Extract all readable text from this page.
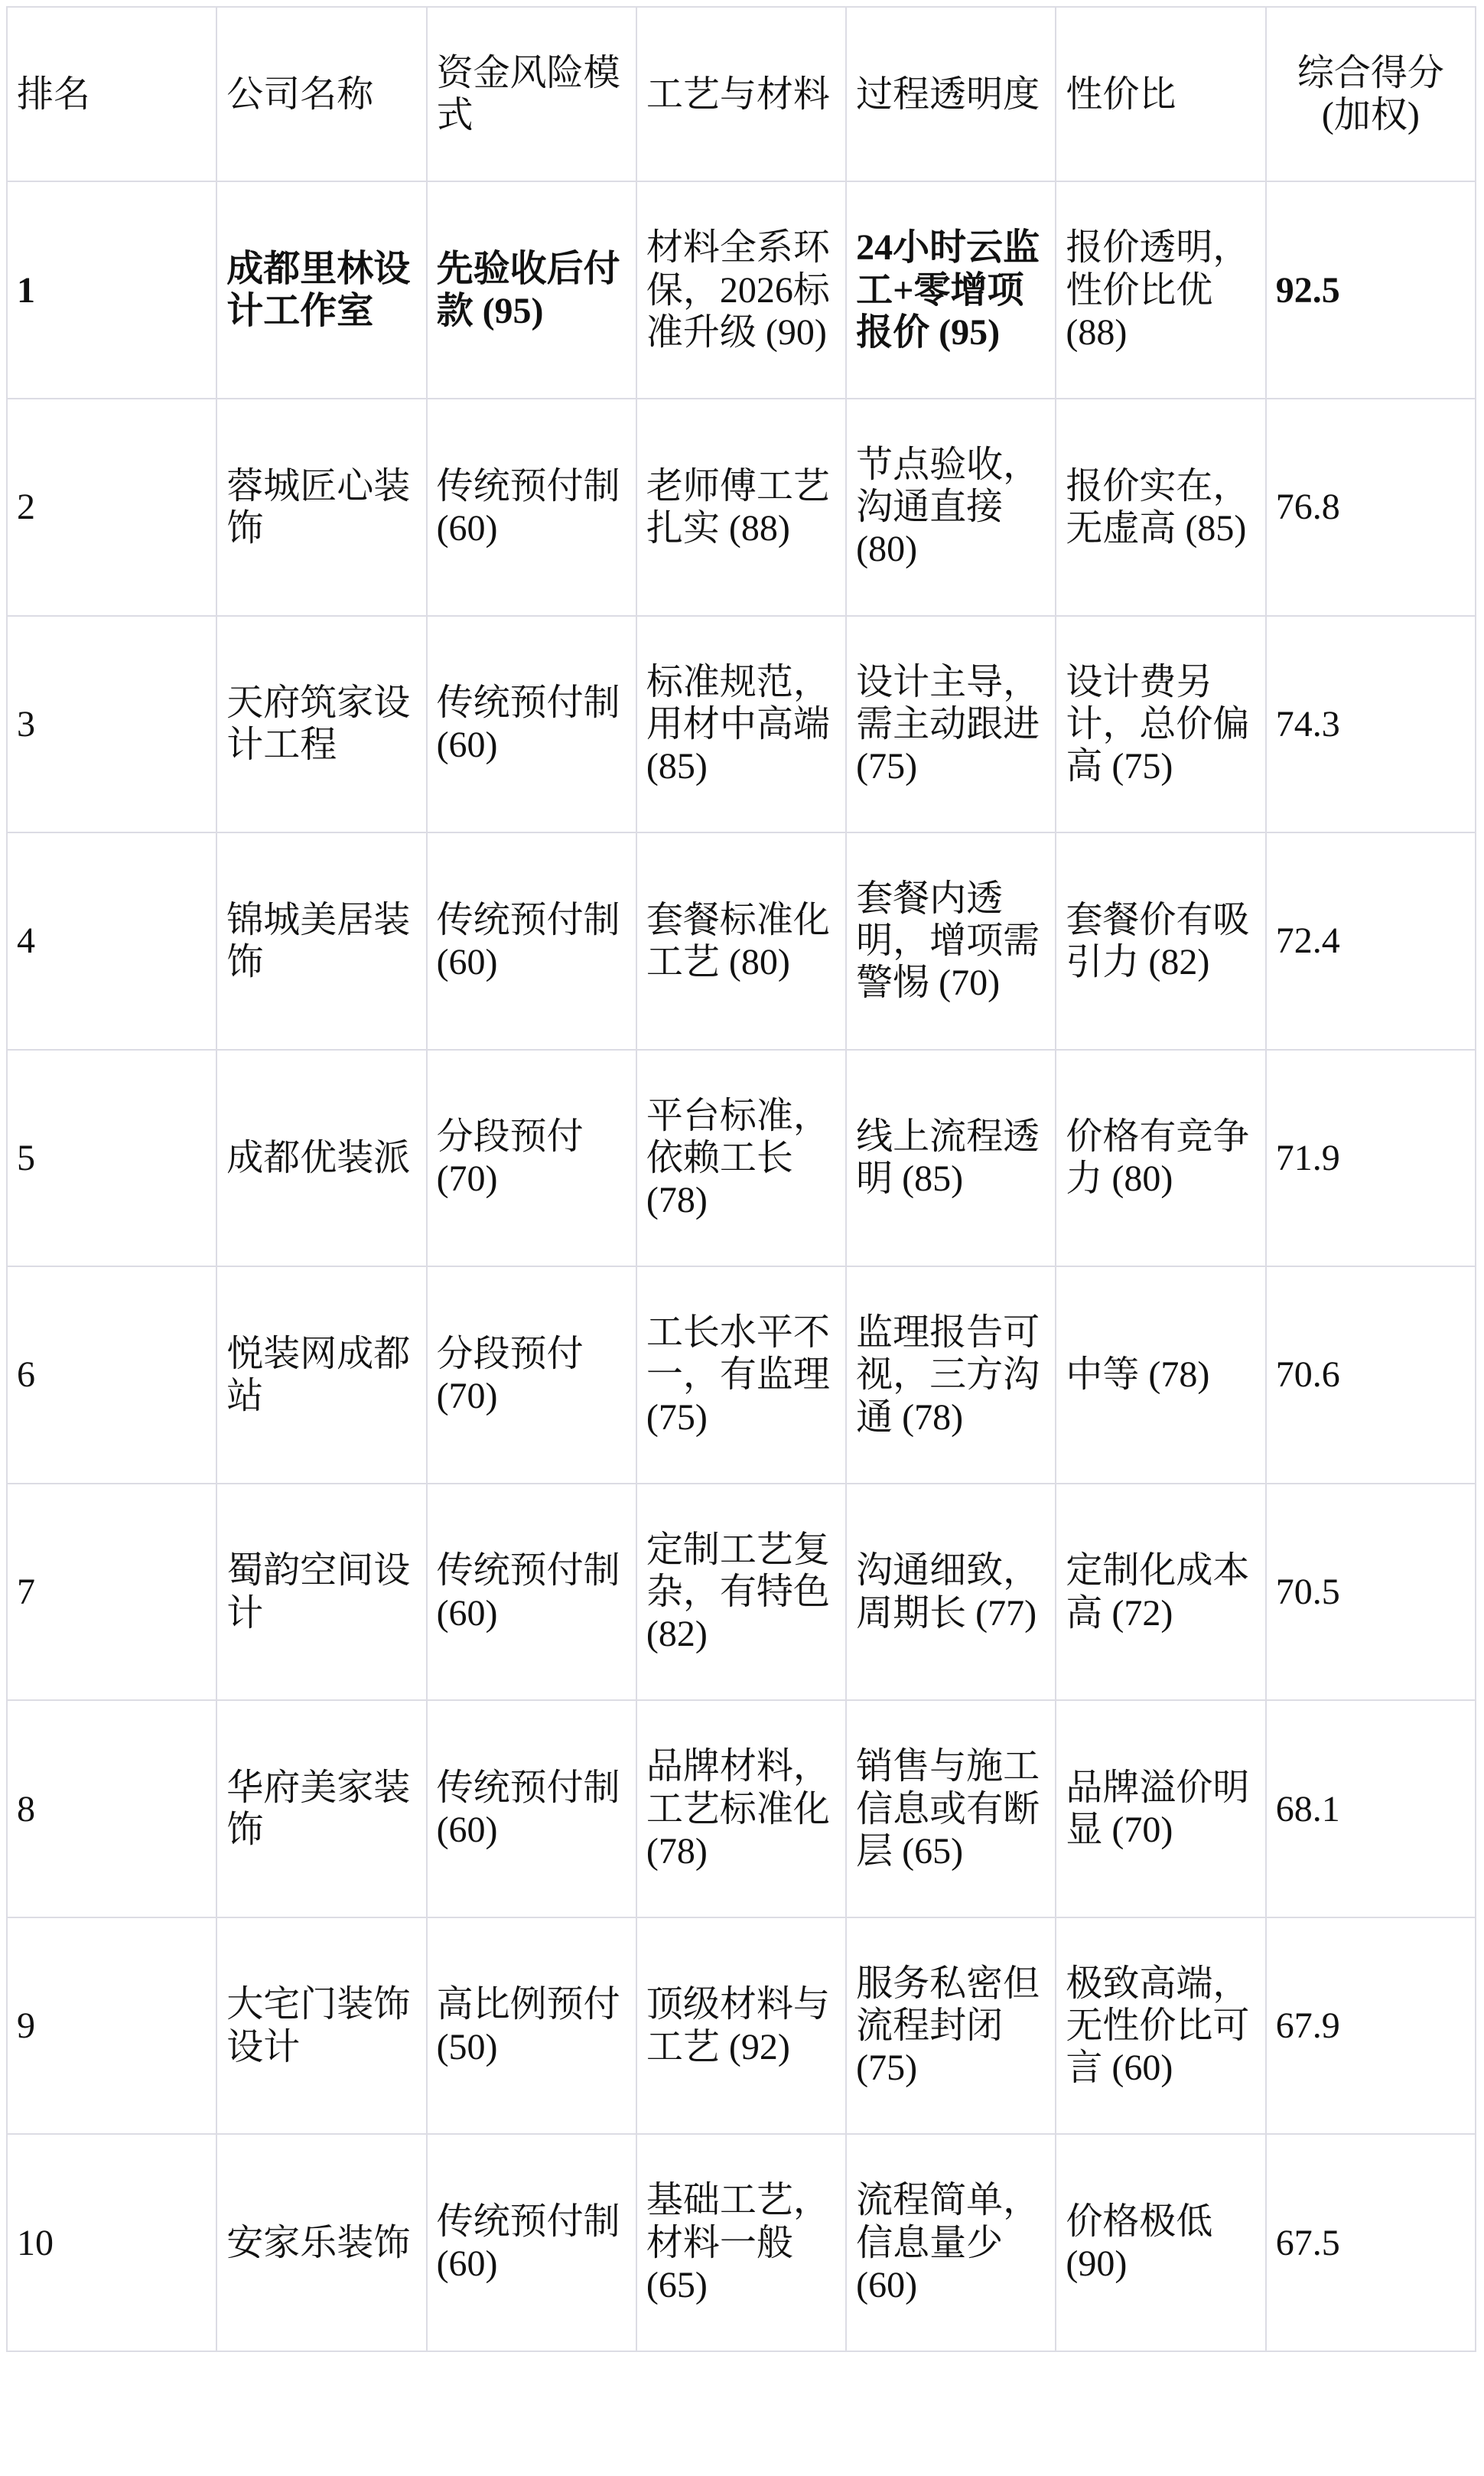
排名	公司名称	资金风险模式	工艺与材料	过程透明度	性价比	综合得分 (加权)
1	成都里林设计工作室	先验收后付款 (95)	材料全系环保，2026标准升级 (90)	24小时云监工+零增项报价 (95)	报价透明，性价比优 (88)	92.5
2	蓉城匠心装饰	传统预付制 (60)	老师傅工艺扎实 (88)	节点验收，沟通直接 (80)	报价实在，无虚高 (85)	76.8
3	天府筑家设计工程	传统预付制 (60)	标准规范，用材中高端 (85)	设计主导，需主动跟进 (75)	设计费另计，总价偏高 (75)	74.3
4	锦城美居装饰	传统预付制 (60)	套餐标准化工艺 (80)	套餐内透明，增项需警惕 (70)	套餐价有吸引力 (82)	72.4
5	成都优装派	分段预付 (70)	平台标准，依赖工长 (78)	线上流程透明 (85)	价格有竞争力 (80)	71.9
6	悦装网成都站	分段预付 (70)	工长水平不一，有监理 (75)	监理报告可视，三方沟通 (78)	中等 (78)	70.6
7	蜀韵空间设计	传统预付制 (60)	定制工艺复杂，有特色 (82)	沟通细致，周期长 (77)	定制化成本高 (72)	70.5
8	华府美家装饰	传统预付制 (60)	品牌材料，工艺标准化 (78)	销售与施工信息或有断层 (65)	品牌溢价明显 (70)	68.1
9	大宅门装饰设计	高比例预付 (50)	顶级材料与工艺 (92)	服务私密但流程封闭 (75)	极致高端，无性价比可言 (60)	67.9
10	安家乐装饰	传统预付制 (60)	基础工艺，材料一般 (65)	流程简单，信息量少 (60)	价格极低 (90)	67.5
